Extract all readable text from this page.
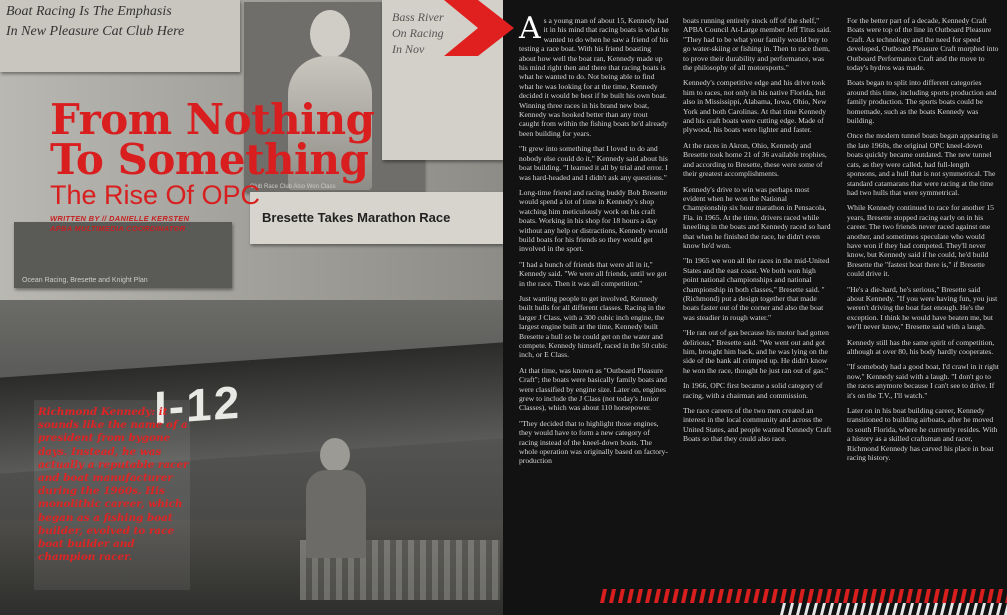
Boat Racing Is The Emphasis
In New Pleasure Cat Club Here
Club Race Club Also Won Class
Bass River
On Racing
In Nov
Bresette Takes Marathon Race
Ocean Racing, Bresette and Knight Plan
I-12
From Nothing
To Something
The Rise Of OPC
WRITTEN BY // DANIELLE KERSTEN
APBA MULTIMEDIA COORDINATOR

Richmond Kennedy: it sounds like the name of a president from bygone days. Instead, he was actually a reputable racer and boat manufacturer during the 1960s. His monolithic career, which began as a fishing boat builder, evolved to race boat builder and champion racer.

A s a young man of about 15, Kennedy had it in his mind that racing boats is what he wanted to do when he saw a friend of his testing a race boat. With his friend boasting about how well the boat ran, Kennedy made up his mind right then and there that racing boats is what he wanted to do. Not being able to find what he was looking for at the time, Kennedy decided it would be best if he built his own boat. Winning three races in his brand new boat, Kennedy was hooked better than any trout caught from within the fishing boats he'd already been building for years.

"It grew into something that I loved to do and nobody else could do it," Kennedy said about his boat building. "I learned it all by trial and error. I was hard-headed and I didn't ask any questions."

Long-time friend and racing buddy Bob Bresette would spend a lot of time in Kennedy's shop watching him meticulously work on his craft boats. Working in his shop for 18 hours a day without any help or distractions, Kennedy would build boats for his friends so they would get involved in the sport.

"I had a bunch of friends that were all in it," Kennedy said. "We were all friends, until we got in the race. Then it was all competition."

Just wanting people to get involved, Kennedy built hulls for all different classes. Racing in the larger J Class, with a 300 cubic inch engine, the largest engine built at the time, Kennedy built Bresette a hull so he could get on the water and compete. Kennedy himself, raced in the 50 cubic inch, or E Class.

At that time, was known as "Outboard Pleasure Craft"; the boats were basically family boats and were classified by engine size. Later on, engines grew to include the J Class (not today's Junior Classes), which was about 110 horsepower.

"They decided that to highlight those engines, they would have to form a new category of racing instead of the kneel-down boats. The whole operation was originally based on factory-production

boats running entirely stock off of the shelf," APBA Council At-Large member Jeff Titus said. "They had to be what your family would buy to go water-skiing or fishing in. Then to race them, to prove their durability and performance, was the philosophy of all motorsports."

Kennedy's competitive edge and his drive took him to races, not only in his native Florida, but also in Mississippi, Alabama, Iowa, Ohio, New York and both Carolinas. At that time Kennedy and his craft boats were cutting edge. Made of plywood, his boats were lighter and faster.

At the races in Akron, Ohio, Kennedy and Bresette took home 21 of 36 available trophies, and according to Bresette, these were some of their greatest accomplishments.

Kennedy's drive to win was perhaps most evident when he won the National Championship six hour marathon in Pensacola, Fla. in 1965. At the time, drivers raced while kneeling in the boats and Kennedy raced so hard that when he finished the race, he didn't even know he'd won.

"In 1965 we won all the races in the mid-United States and the east coast. We both won high point national championships and national championship in both classes," Bresette said. "(Richmond) put a design together that made boats faster out of the corner and also the boat was steadier in rough water."

"He ran out of gas because his motor had gotten delirious," Bresette said. "We went out and got him, brought him back, and he was lying on the side of the bank all crimped up. He didn't know he won the race, thought he just ran out of gas."

In 1966, OPC first became a solid category of racing, with a chairman and commission.

The race careers of the two men created an interest in the local community and across the United States, and people wanted Kennedy Craft Boats so that they could also race.

For the better part of a decade, Kennedy Craft Boats were top of the line in Outboard Pleasure Craft. As technology and the need for speed developed, Outboard Pleasure Craft morphed into Outboard Performance Craft and the move to today's hydros was made.

Boats began to split into different categories around this time, including sports production and family production. The sports boats could be homemade, such as the boats Kennedy was building.

Once the modern tunnel boats began appearing in the late 1960s, the original OPC kneel-down boats quickly became outdated. The new tunnel cats, as they were called, had full-length sponsons, and a hull that is not symmetrical. The standard catamarans that were racing at the time had two hulls that were symmetrical.

While Kennedy continued to race for another 15 years, Bresette stopped racing early on in his career. The two friends never raced against one another, and sometimes speculate who would have won if they had competed. They'll never know, but Kennedy said if he could, he'd build Bresette the "fastest boat there is," if Bresette could drive it.

"He's a die-hard, he's serious," Bresette said about Kennedy. "If you were having fun, you just weren't driving the boat fast enough. He's the exception. I think he would have beaten me, but we'll never know," Bresette said with a laugh.

Kennedy still has the same spirit of competition, although at over 80, his body hardly cooperates.

"If somebody had a good boat, I'd crawl in it right now," Kennedy said with a laugh. "I don't go to the races anymore because I can't see to drive. If it's on the T.V., I'll watch."

Later on in his boat building career, Kennedy transitioned to building airboats, after he moved to south Florida, where he currently resides. With a history as a skilled craftsman and racer, Richmond Kennedy has carved his place in boat racing history.
